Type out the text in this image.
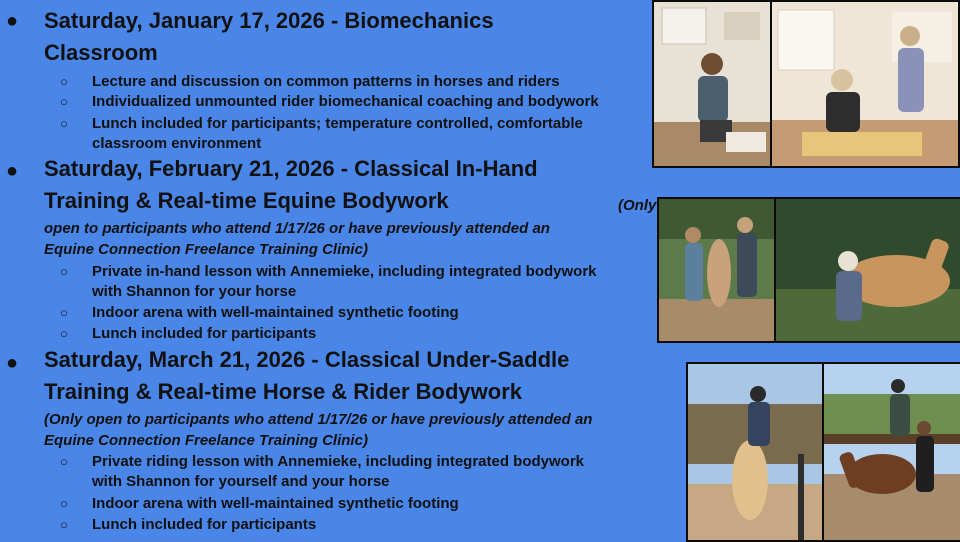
● Saturday, January 17, 2026 - Biomechanics
Classroom
○ Lecture and discussion on common patterns in horses and riders
○ Individualized unmounted rider biomechanical coaching and bodywork
○ Lunch included for participants; temperature controlled, comfortable
classroom environment
● Saturday, February 21, 2026 - Classical In-Hand
Training & Real-time Equine Bodywork	(Only
open to participants who attend 1/17/26 or have previously attended an
Equine Connection Freelance Training Clinic)
○ Private in-hand lesson with Annemieke, including integrated bodywork
with Shannon for your horse
○ Indoor arena with well-maintained synthetic footing
○ Lunch included for participants
● Saturday, March 21, 2026 - Classical Under-Saddle
Training & Real-time Horse & Rider Bodywork
(Only open to participants who attend 1/17/26 or have previously attended an
Equine Connection Freelance Training Clinic)
○ Private riding lesson with Annemieke, including integrated bodywork
with Shannon for yourself and your horse
○ Indoor arena with well-maintained synthetic footing
○ Lunch included for participants
